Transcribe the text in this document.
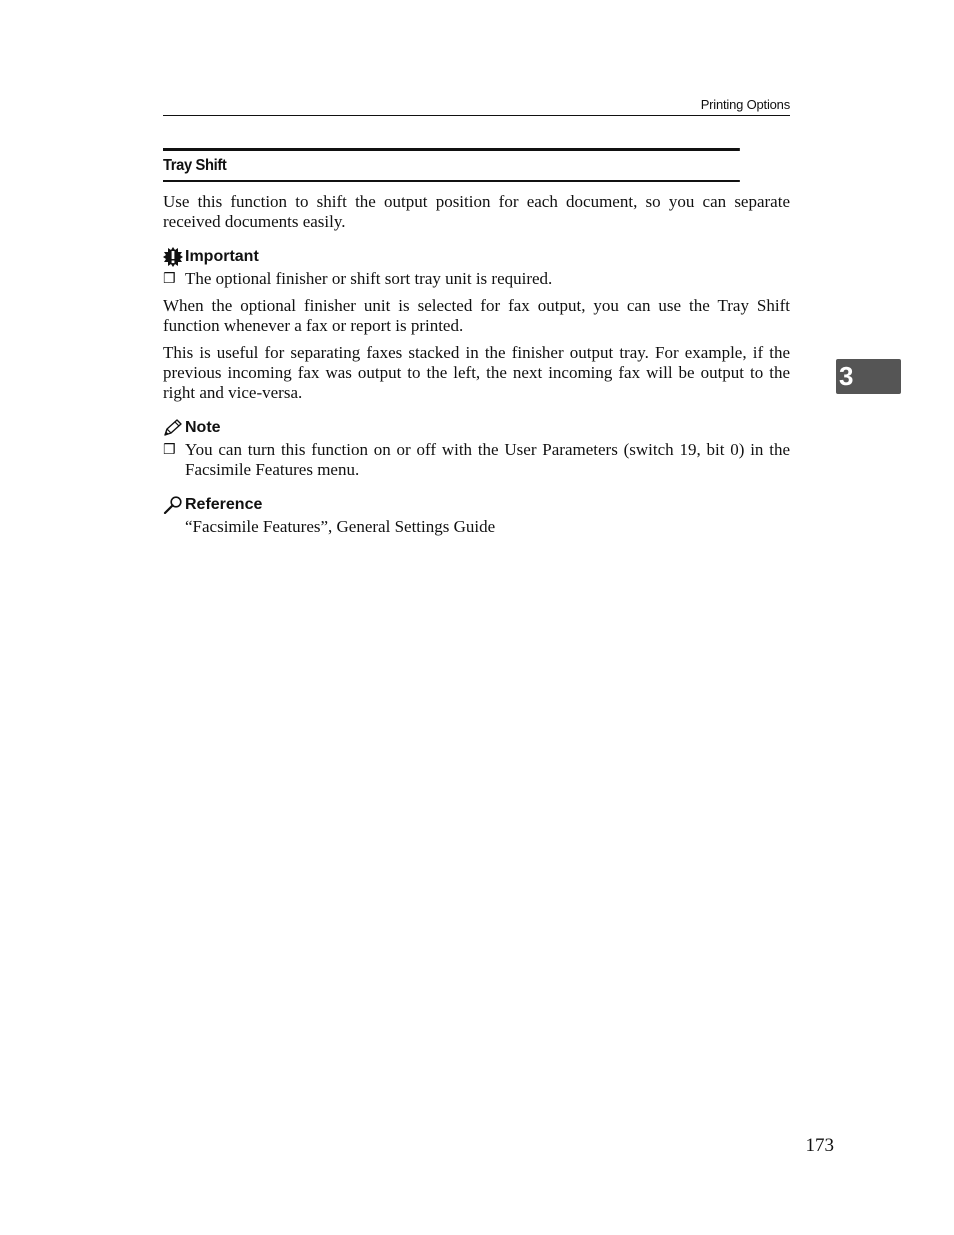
Printing Options
Tray Shift

Use this function to shift the output position for each document, so you can separate received documents easily.

Important
❒ The optional finisher or shift sort tray unit is required.

When the optional finisher unit is selected for fax output, you can use the Tray Shift function whenever a fax or report is printed.

This is useful for separating faxes stacked in the finisher output tray. For example, if the previous incoming fax was output to the left, the next incoming fax will be output to the right and vice-versa.

Note
❒ You can turn this function on or off with the User Parameters (switch 19, bit 0) in the Facsimile Features menu.
Reference

“Facsimile Features”, General Settings Guide

3
173
